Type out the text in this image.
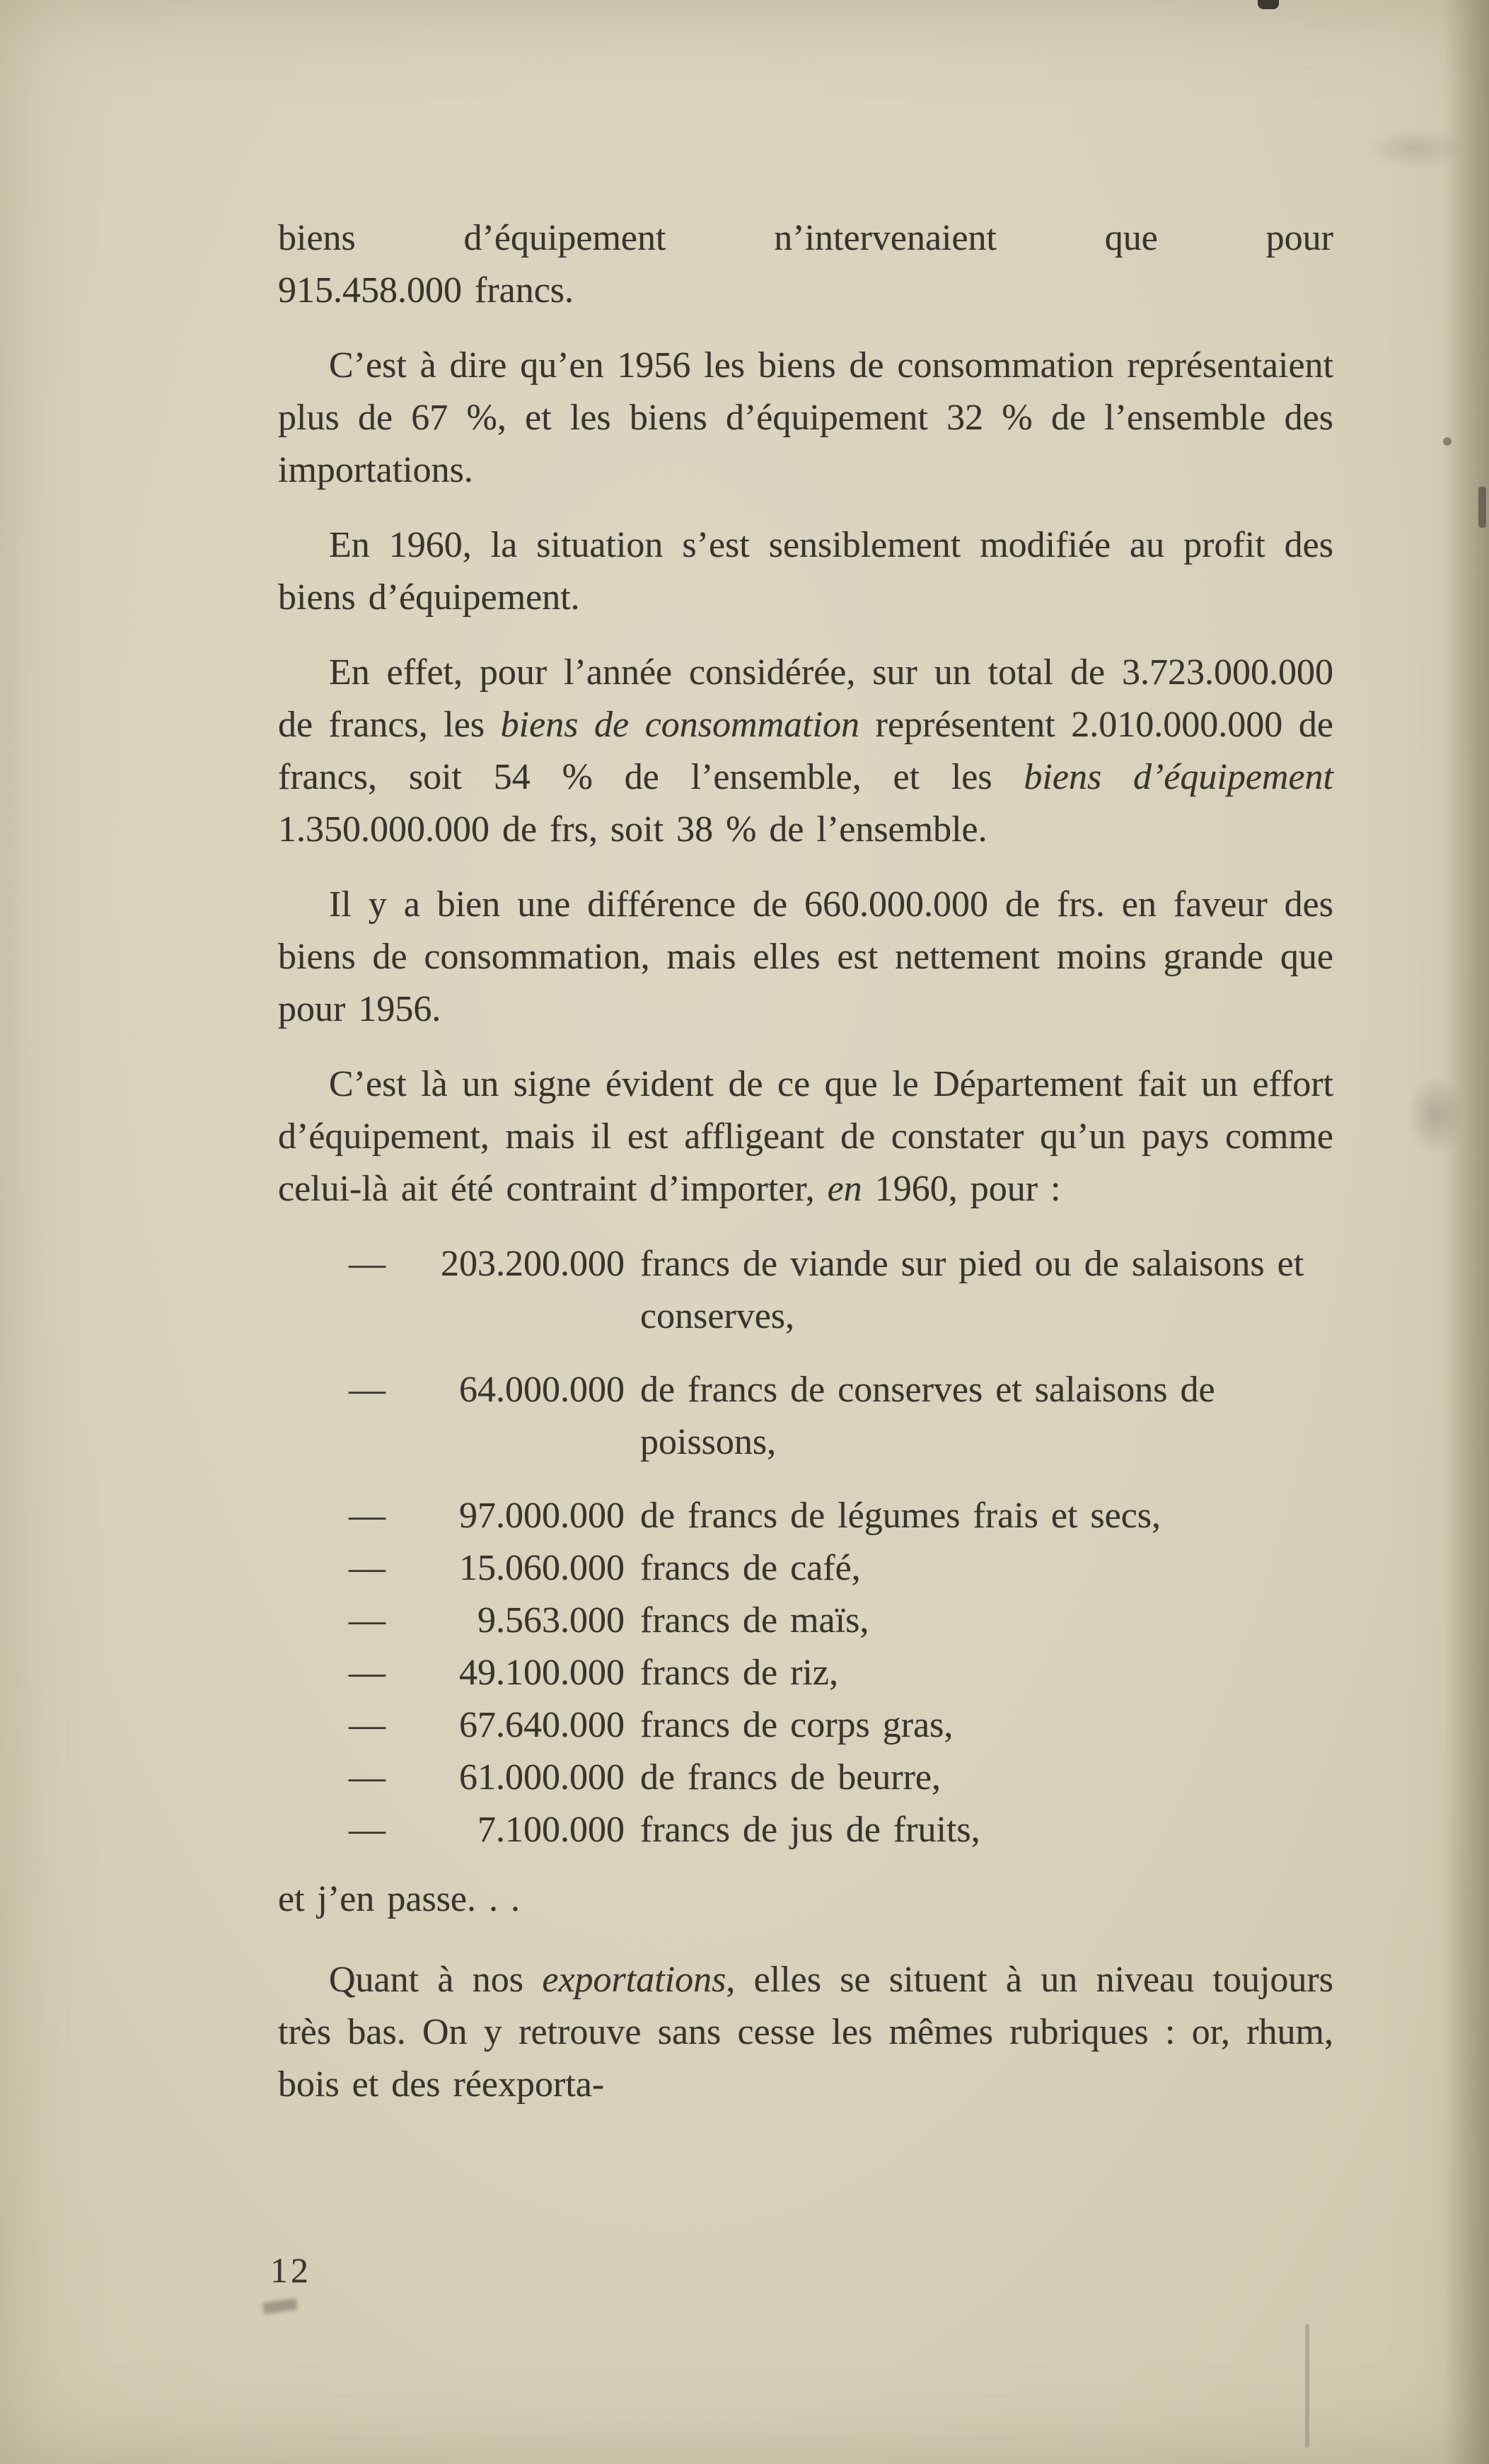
biens d’équipement n’intervenaient que pour
915.458.000 francs.

C’est à dire qu’en 1956 les biens de consommation représentaient plus de 67 %, et les biens d’équipement 32 % de l’ensemble des importations.

En 1960, la situation s’est sensiblement modifiée au profit des biens d’équipement.

En effet, pour l’année considérée, sur un total de 3.723.000.000 de francs, les biens de consommation représentent 2.010.000.000 de francs, soit 54 % de l’ensemble, et les biens d’équipement 1.350.000.000 de frs, soit 38 % de l’ensemble.

Il y a bien une différence de 660.000.000 de frs. en faveur des biens de consommation, mais elles est nettement moins grande que pour 1956.

C’est là un signe évident de ce que le Département fait un effort d’équipement, mais il est affligeant de constater qu’un pays comme celui-là ait été contraint d’importer, en 1960, pour :

—	203.200.000 francs de viande sur pied ou de salaisons et conserves,
—	64.000.000 de francs de conserves et salaisons de poissons,
—	97.000.000 de francs de légumes frais et secs,
—	15.060.000 francs de café,
—	9.563.000 francs de maïs,
—	49.100.000 francs de riz,
—	67.640.000 francs de corps gras,
—	61.000.000 de francs de beurre,
—	7.100.000 francs de jus de fruits,

et j’en passe. . .

Quant à nos exportations, elles se situent à un niveau toujours très bas. On y retrouve sans cesse les mêmes rubriques : or, rhum, bois et des réexporta-

12
